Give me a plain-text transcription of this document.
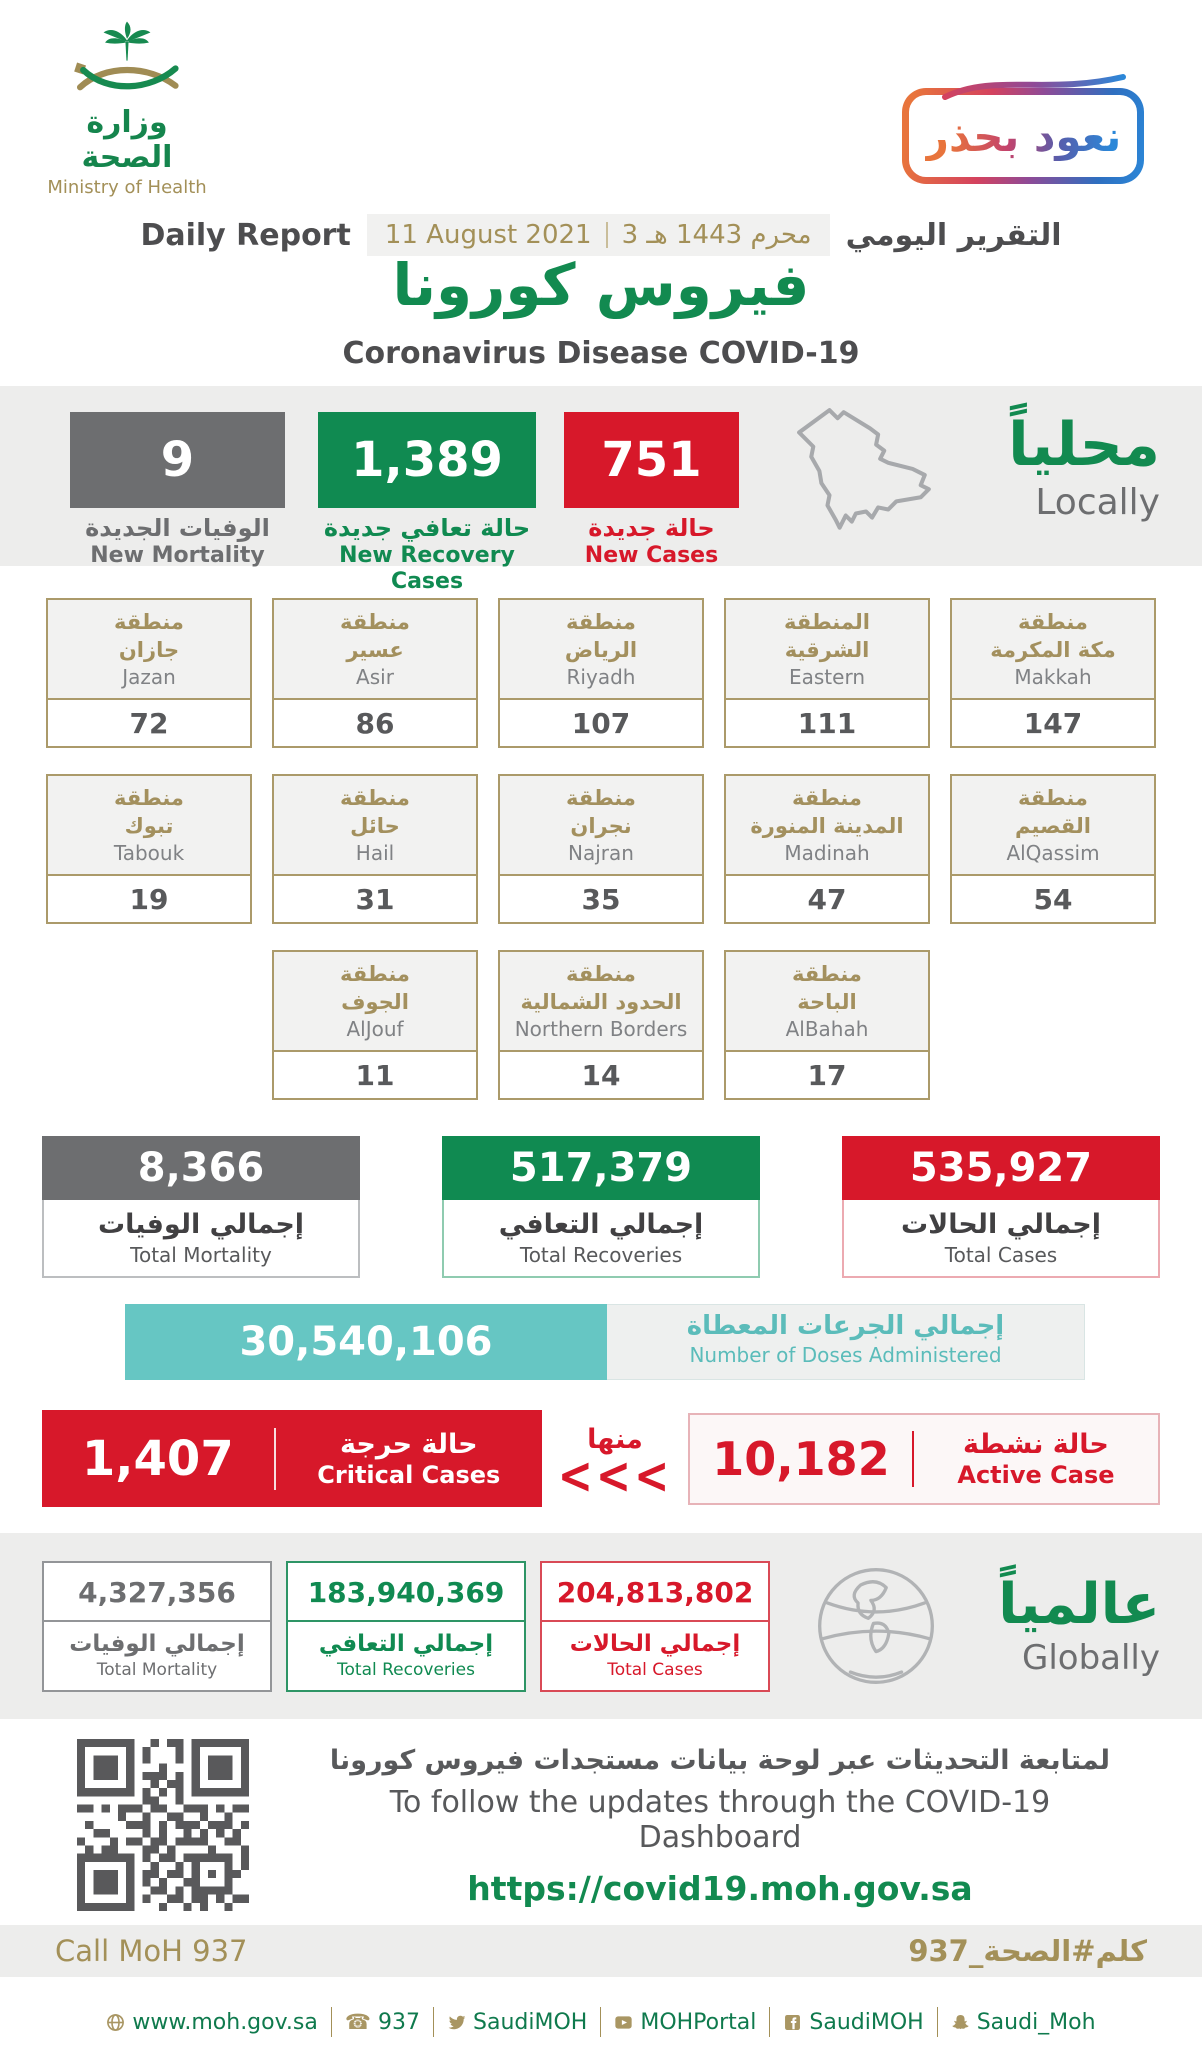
وزارة الصحة
Ministry of Health
نعود بحذر
Daily Report 11 August 2021 3 محرم 1443 هـ التقرير اليومي
فيروس كورونا
Coronavirus Disease COVID-19
9
الوفيات الجديدة
New Mortality
1,389
حالة تعافي جديدة
New Recovery Cases
751
حالة جديدة
New Cases
محلياً
Locally
منطقة
جازان
Jazan
72
منطقة
عسير
Asir
86
منطقة
الرياض
Riyadh
107
المنطقة
الشرقية
Eastern
111
منطقة
مكة المكرمة
Makkah
147
منطقة
تبوك
Tabouk
19
منطقة
حائل
Hail
31
منطقة
نجران
Najran
35
منطقة
المدينة المنورة
Madinah
47
منطقة
القصيم
AlQassim
54
منطقة
الجوف
AlJouf
11
منطقة
الحدود الشمالية
Northern Borders
14
منطقة
الباحة
AlBahah
17
8,366
إجمالي الوفيات
Total Mortality
517,379
إجمالي التعافي
Total Recoveries
535,927
إجمالي الحالات
Total Cases
30,540,106	إجمالي الجرعات المعطاة
Number of Doses Administered
1,407	حالة حرجة
Critical Cases
منها
<<< 10,182	حالة نشطة
Active Case
4,327,356
إجمالي الوفيات
Total Mortality
183,940,369
إجمالي التعافي
Total Recoveries
204,813,802
إجمالي الحالات
Total Cases
عالمياً
Globally
لمتابعة التحديثات عبر لوحة بيانات مستجدات فيروس كورونا
To follow the updates through the COVID-19 Dashboard
https://covid19.moh.gov.sa
Call MoH 937	كلم#الصحة_937
www.moh.gov.sa ☎ 937 SaudiMOH MOHPortal SaudiMOH Saudi_Moh
